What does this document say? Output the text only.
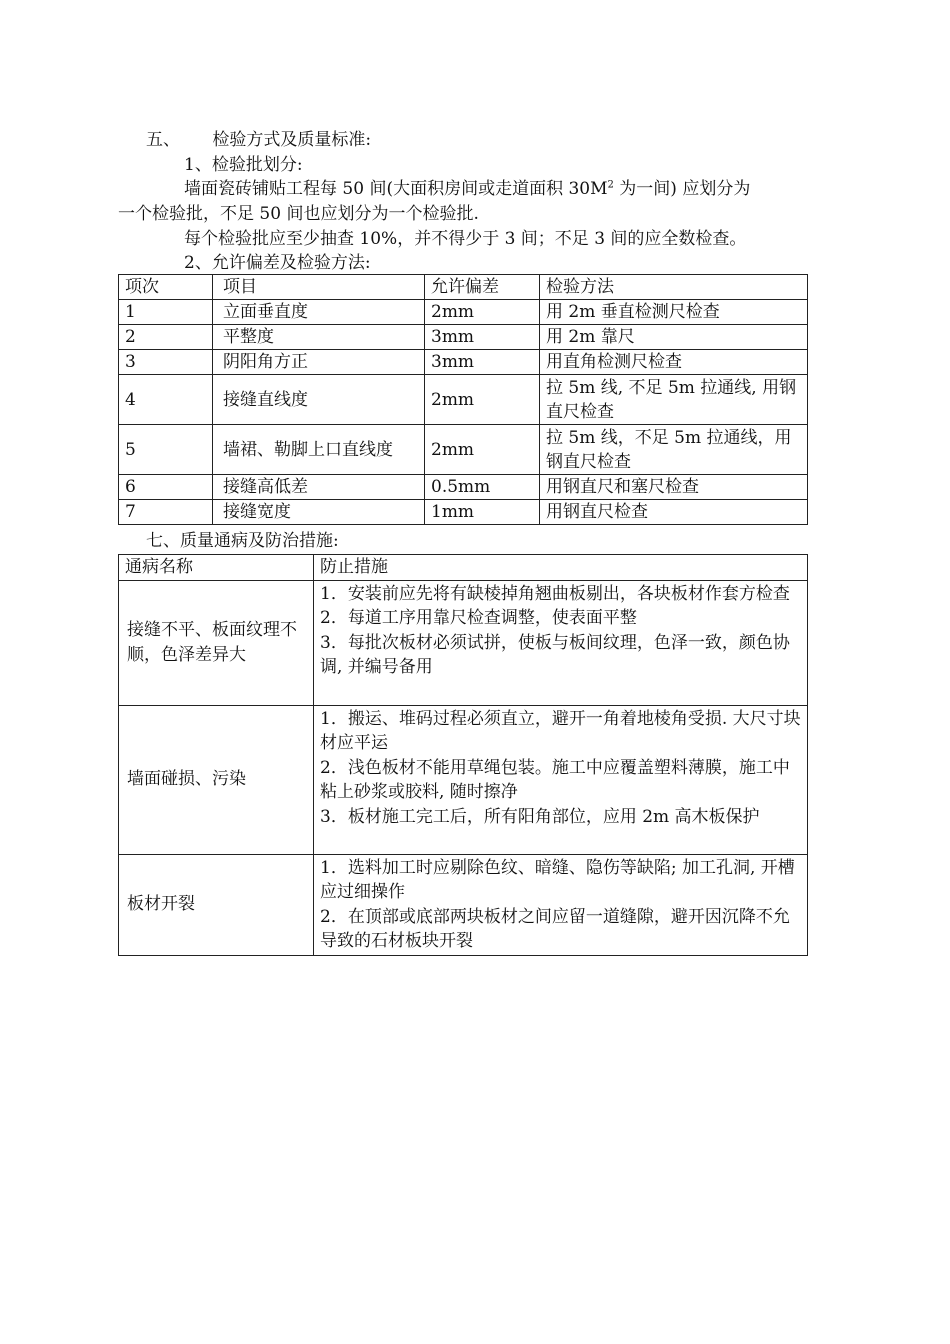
五、      检验方式及质量标准:
1、检验批划分:
墙面瓷砖铺贴工程每 50 间(大面积房间或走道面积 $30M^2$ 为一间) 应划分为
一个检验批，不足 50 间也应划分为一个检验批.
每个检验批应至少抽查 10%，并不得少于 3 间；不足 3 间的应全数检查。
2、允许偏差及检验方法:
项次	项目	允许偏差	检验方法
1	立面垂直度	2mm	用 2m 垂直检测尺检查
2	平整度	3mm	用 2m 靠尺
3	阴阳角方正	3mm	用直角检测尺检查
4	接缝直线度	2mm	拉 5m 线, 不足 5m 拉通线, 用钢直尺检查
5	墙裙、勒脚上口直线度	2mm	拉 5m 线，不足 5m 拉通线，用钢直尺检查
6	接缝高低差	0.5mm	用钢直尺和塞尺检查
7	接缝宽度	1mm	用钢直尺检查
七、质量通病及防治措施:
通病名称	防止措施
接缝不平、板面纹理不顺，色泽差异大	1．安装前应先将有缺棱掉角翘曲板剔出，各块板材作套方检查
2．每道工序用靠尺检查调整，使表面平整
3．每批次板材必须试拼，使板与板间纹理，色泽一致，颜色协调, 并编号备用

墙面碰损、污染	1．搬运、堆码过程必须直立，避开一角着地棱角受损. 大尺寸块材应平运
2．浅色板材不能用草绳包装。施工中应覆盖塑料薄膜，施工中粘上砂浆或胶料, 随时擦净
3．板材施工完工后，所有阳角部位，应用 2m 高木板保护

板材开裂	1．选料加工时应剔除色纹、暗缝、隐伤等缺陷; 加工孔洞, 开槽应过细操作
2．在顶部或底部两块板材之间应留一道缝隙，避开因沉降不允导致的石材板块开裂
